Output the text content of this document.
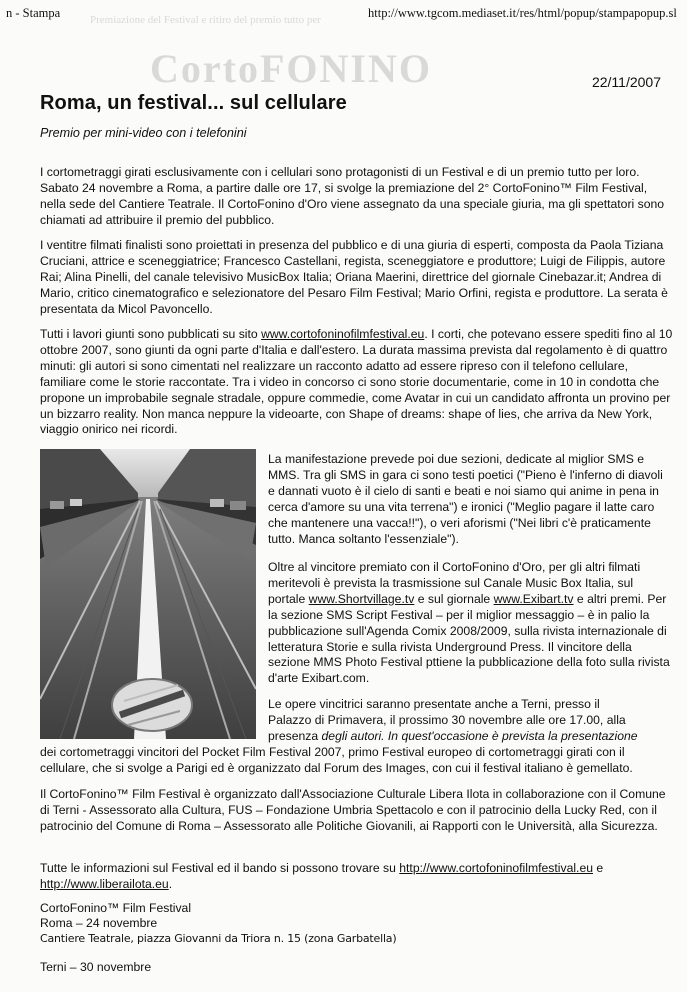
CortoFONINO
Premiazione del Festival e ritiro del premio tutto per
n - Stampa	http://www.tgcom.mediaset.it/res/html/popup/stampapopup.sl
22/11/2007
Roma, un festival... sul cellulare
Premio per mini-video con i telefonini

I cortometraggi girati esclusivamente con i cellulari sono protagonisti di un Festival e di un premio tutto per loro. Sabato 24 novembre a Roma, a partire dalle ore 17, si svolge la premiazione del 2° CortoFonino™ Film Festival, nella sede del Cantiere Teatrale. Il CortoFonino d'Oro viene assegnato da una speciale giuria, ma gli spettatori sono chiamati ad attribuire il premio del pubblico.

I ventitre filmati finalisti sono proiettati in presenza del pubblico e di una giuria di esperti, composta da Paola Tiziana Cruciani, attrice e sceneggiatrice; Francesco Castellani, regista, sceneggiatore e produttore; Luigi de Filippis, autore Rai; Alina Pinelli, del canale televisivo MusicBox Italia; Oriana Maerini, direttrice del giornale Cinebazar.it; Andrea di Mario, critico cinematografico e selezionatore del Pesaro Film Festival; Mario Orfini, regista e produttore. La serata è presentata da Micol Pavoncello.

Tutti i lavori giunti sono pubblicati su sito www.cortofoninofilmfestival.eu. I corti, che potevano essere spediti fino al 10 ottobre 2007, sono giunti da ogni parte d'Italia e dall'estero. La durata massima prevista dal regolamento è di quattro minuti: gli autori si sono cimentati nel realizzare un racconto adatto ad essere ripreso con il telefono cellulare, familiare come le storie raccontate. Tra i video in concorso ci sono storie documentarie, come in 10 in condotta che propone un improbabile segnale stradale, oppure commedie, come Avatar in cui un candidato affronta un provino per un bizzarro reality. Non manca neppure la videoarte, con Shape of dreams: shape of lies, che arriva da New York, viaggio onirico nei ricordi.

La manifestazione prevede poi due sezioni, dedicate al miglior SMS e MMS. Tra gli SMS in gara ci sono testi poetici ("Pieno è l'inferno di diavoli e dannati vuoto è il cielo di santi e beati e noi siamo qui anime in pena in cerca d'amore su una vita terrena") e ironici ("Meglio pagare il latte caro che mantenere una vacca!!"), o veri aforismi ("Nei libri c'è praticamente tutto. Manca soltanto l'essenziale").

Oltre al vincitore premiato con il CortoFonino d'Oro, per gli altri filmati meritevoli è prevista la trasmissione sul Canale Music Box Italia, sul portale www.Shortvillage.tv e sul giornale www.Exibart.tv e altri premi. Per la sezione SMS Script Festival – per il miglior messaggio – è in palio la pubblicazione sull'Agenda Comix 2008/2009, sulla rivista internazionale di letteratura Storie e sulla rivista Underground Press. Il vincitore della sezione MMS Photo Festival pttiene la pubblicazione della foto sulla rivista d'arte Exibart.com.

Le opere vincitrici saranno presentate anche a Terni, presso il

Palazzo di Primavera, il prossimo 30 novembre alle ore 17.00, alla

presenza degli autori. In quest'occasione è prevista la presentazione

dei cortometraggi vincitori del Pocket Film Festival 2007, primo Festival europeo di cortometraggi girati con il cellulare, che si svolge a Parigi ed è organizzato dal Forum des Images, con cui il festival italiano è gemellato.

Il CortoFonino™ Film Festival è organizzato dall'Associazione Culturale Libera Ilota in collaborazione con il Comune di Terni - Assessorato alla Cultura, FUS – Fondazione Umbria Spettacolo e con il patrocinio della Lucky Red, con il patrocinio del Comune di Roma – Assessorato alle Politiche Giovanili, ai Rapporti con le Università, alla Sicurezza.

Tutte le informazioni sul Festival ed il bando si possono trovare su http://www.cortofoninofilmfestival.eu e http://www.liberailota.eu.

CortoFonino™ Film Festival

Roma – 24 novembre

Cantiere Teatrale, piazza Giovanni da Triora n. 15 (zona Garbatella)

Terni – 30 novembre
